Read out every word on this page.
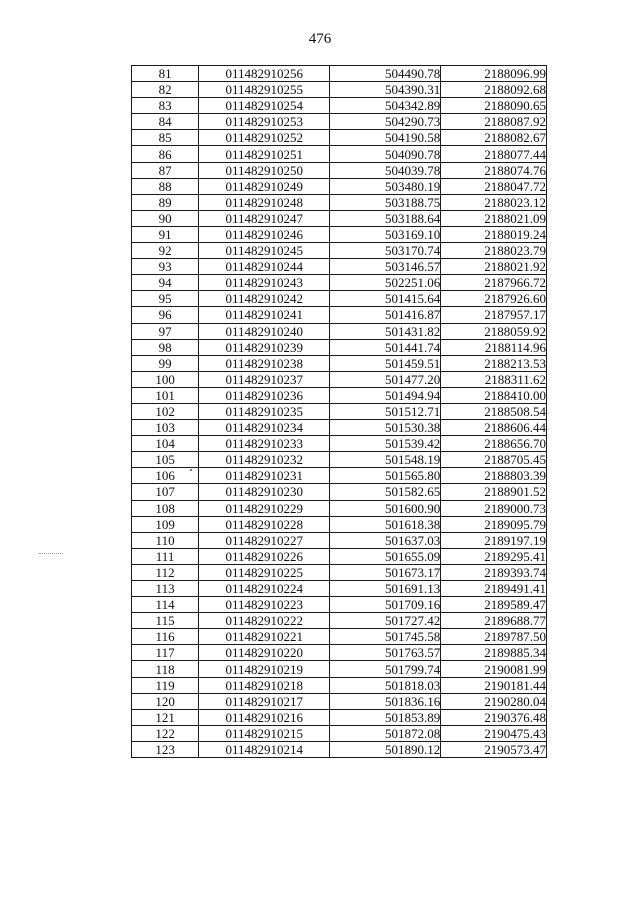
476
81	011482910256	504490.78	2188096.99
82	011482910255	504390.31	2188092.68
83	011482910254	504342.89	2188090.65
84	011482910253	504290.73	2188087.92
85	011482910252	504190.58	2188082.67
86	011482910251	504090.78	2188077.44
87	011482910250	504039.78	2188074.76
88	011482910249	503480.19	2188047.72
89	011482910248	503188.75	2188023.12
90	011482910247	503188.64	2188021.09
91	011482910246	503169.10	2188019.24
92	011482910245	503170.74	2188023.79
93	011482910244	503146.57	2188021.92
94	011482910243	502251.06	2187966.72
95	011482910242	501415.64	2187926.60
96	011482910241	501416.87	2187957.17
97	011482910240	501431.82	2188059.92
98	011482910239	501441.74	2188114.96
99	011482910238	501459.51	2188213.53
100	011482910237	501477.20	2188311.62
101	011482910236	501494.94	2188410.00
102	011482910235	501512.71	2188508.54
103	011482910234	501530.38	2188606.44
104	011482910233	501539.42	2188656.70
105	011482910232	501548.19	2188705.45
106	011482910231	501565.80	2188803.39
107	011482910230	501582.65	2188901.52
108	011482910229	501600.90	2189000.73
109	011482910228	501618.38	2189095.79
110	011482910227	501637.03	2189197.19
111	011482910226	501655.09	2189295.41
112	011482910225	501673.17	2189393.74
113	011482910224	501691.13	2189491.41
114	011482910223	501709.16	2189589.47
115	011482910222	501727.42	2189688.77
116	011482910221	501745.58	2189787.50
117	011482910220	501763.57	2189885.34
118	011482910219	501799.74	2190081.99
119	011482910218	501818.03	2190181.44
120	011482910217	501836.16	2190280.04
121	011482910216	501853.89	2190376.48
122	011482910215	501872.08	2190475.43
123	011482910214	501890.12	2190573.47
